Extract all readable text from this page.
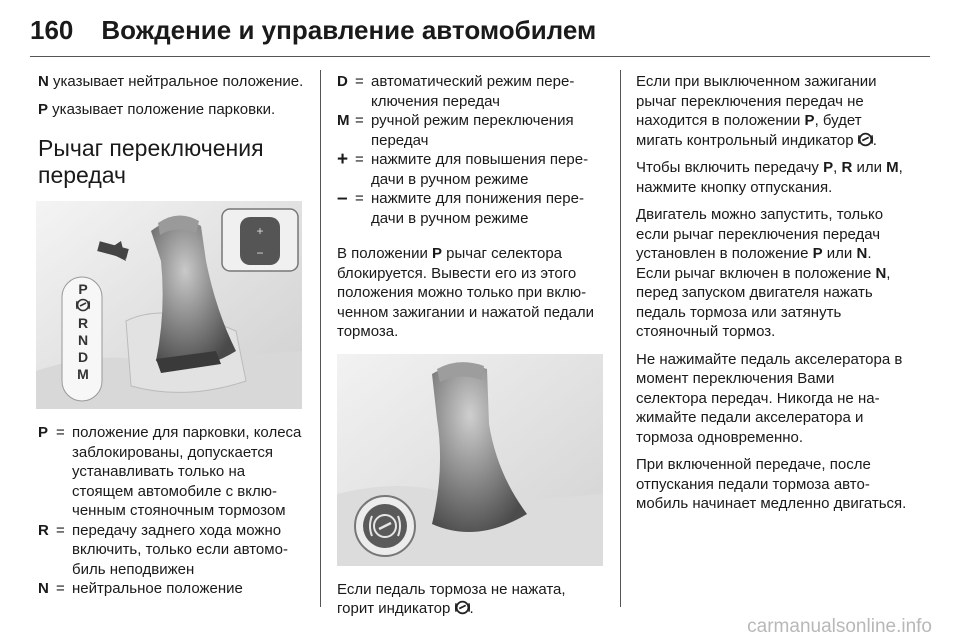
160 Вождение и управление автомобилем

N указывает нейтральное положение.

P указывает положение парковки.

Рычаг переключения передач
+
−
P
R
N
D
M
P = положение для парковки, колеса заблокированы, допускается устанавливать только на стоящем автомобиле с включенным стояночным тормозом
R = передачу заднего хода можно включить, только если автомобиль неподвижен
N = нейтральное положение
D = автоматический режим переключения передач
M = ручной режим переключения передач
+ = нажмите для повышения передачи в ручном режиме
– = нажмите для понижения передачи в ручном режиме

В положении P рычаг селектора блокируется. Вывести его из этого положения можно только при включенном зажигании и нажатой педали тормоза.

Если педаль тормоза не нажата, горит индикатор .

Если при выключенном зажигании рычаг переключения передач не находится в положении P, будет мигать контрольный индикатор .

Чтобы включить передачу P, R или M, нажмите кнопку отпускания.

Двигатель можно запустить, только если рычаг переключения передач установлен в положение P или N. Если рычаг включен в положение N, перед запуском двигателя нажать педаль тормоза или затянуть стояночный тормоз.

Не нажимайте педаль акселератора в момент переключения Вами селектора передач. Никогда не нажимайте педали акселератора и тормоза одновременно.

При включенной передаче, после отпускания педали тормоза автомобиль начинает медленно двигаться.

carmanualsonline.info
